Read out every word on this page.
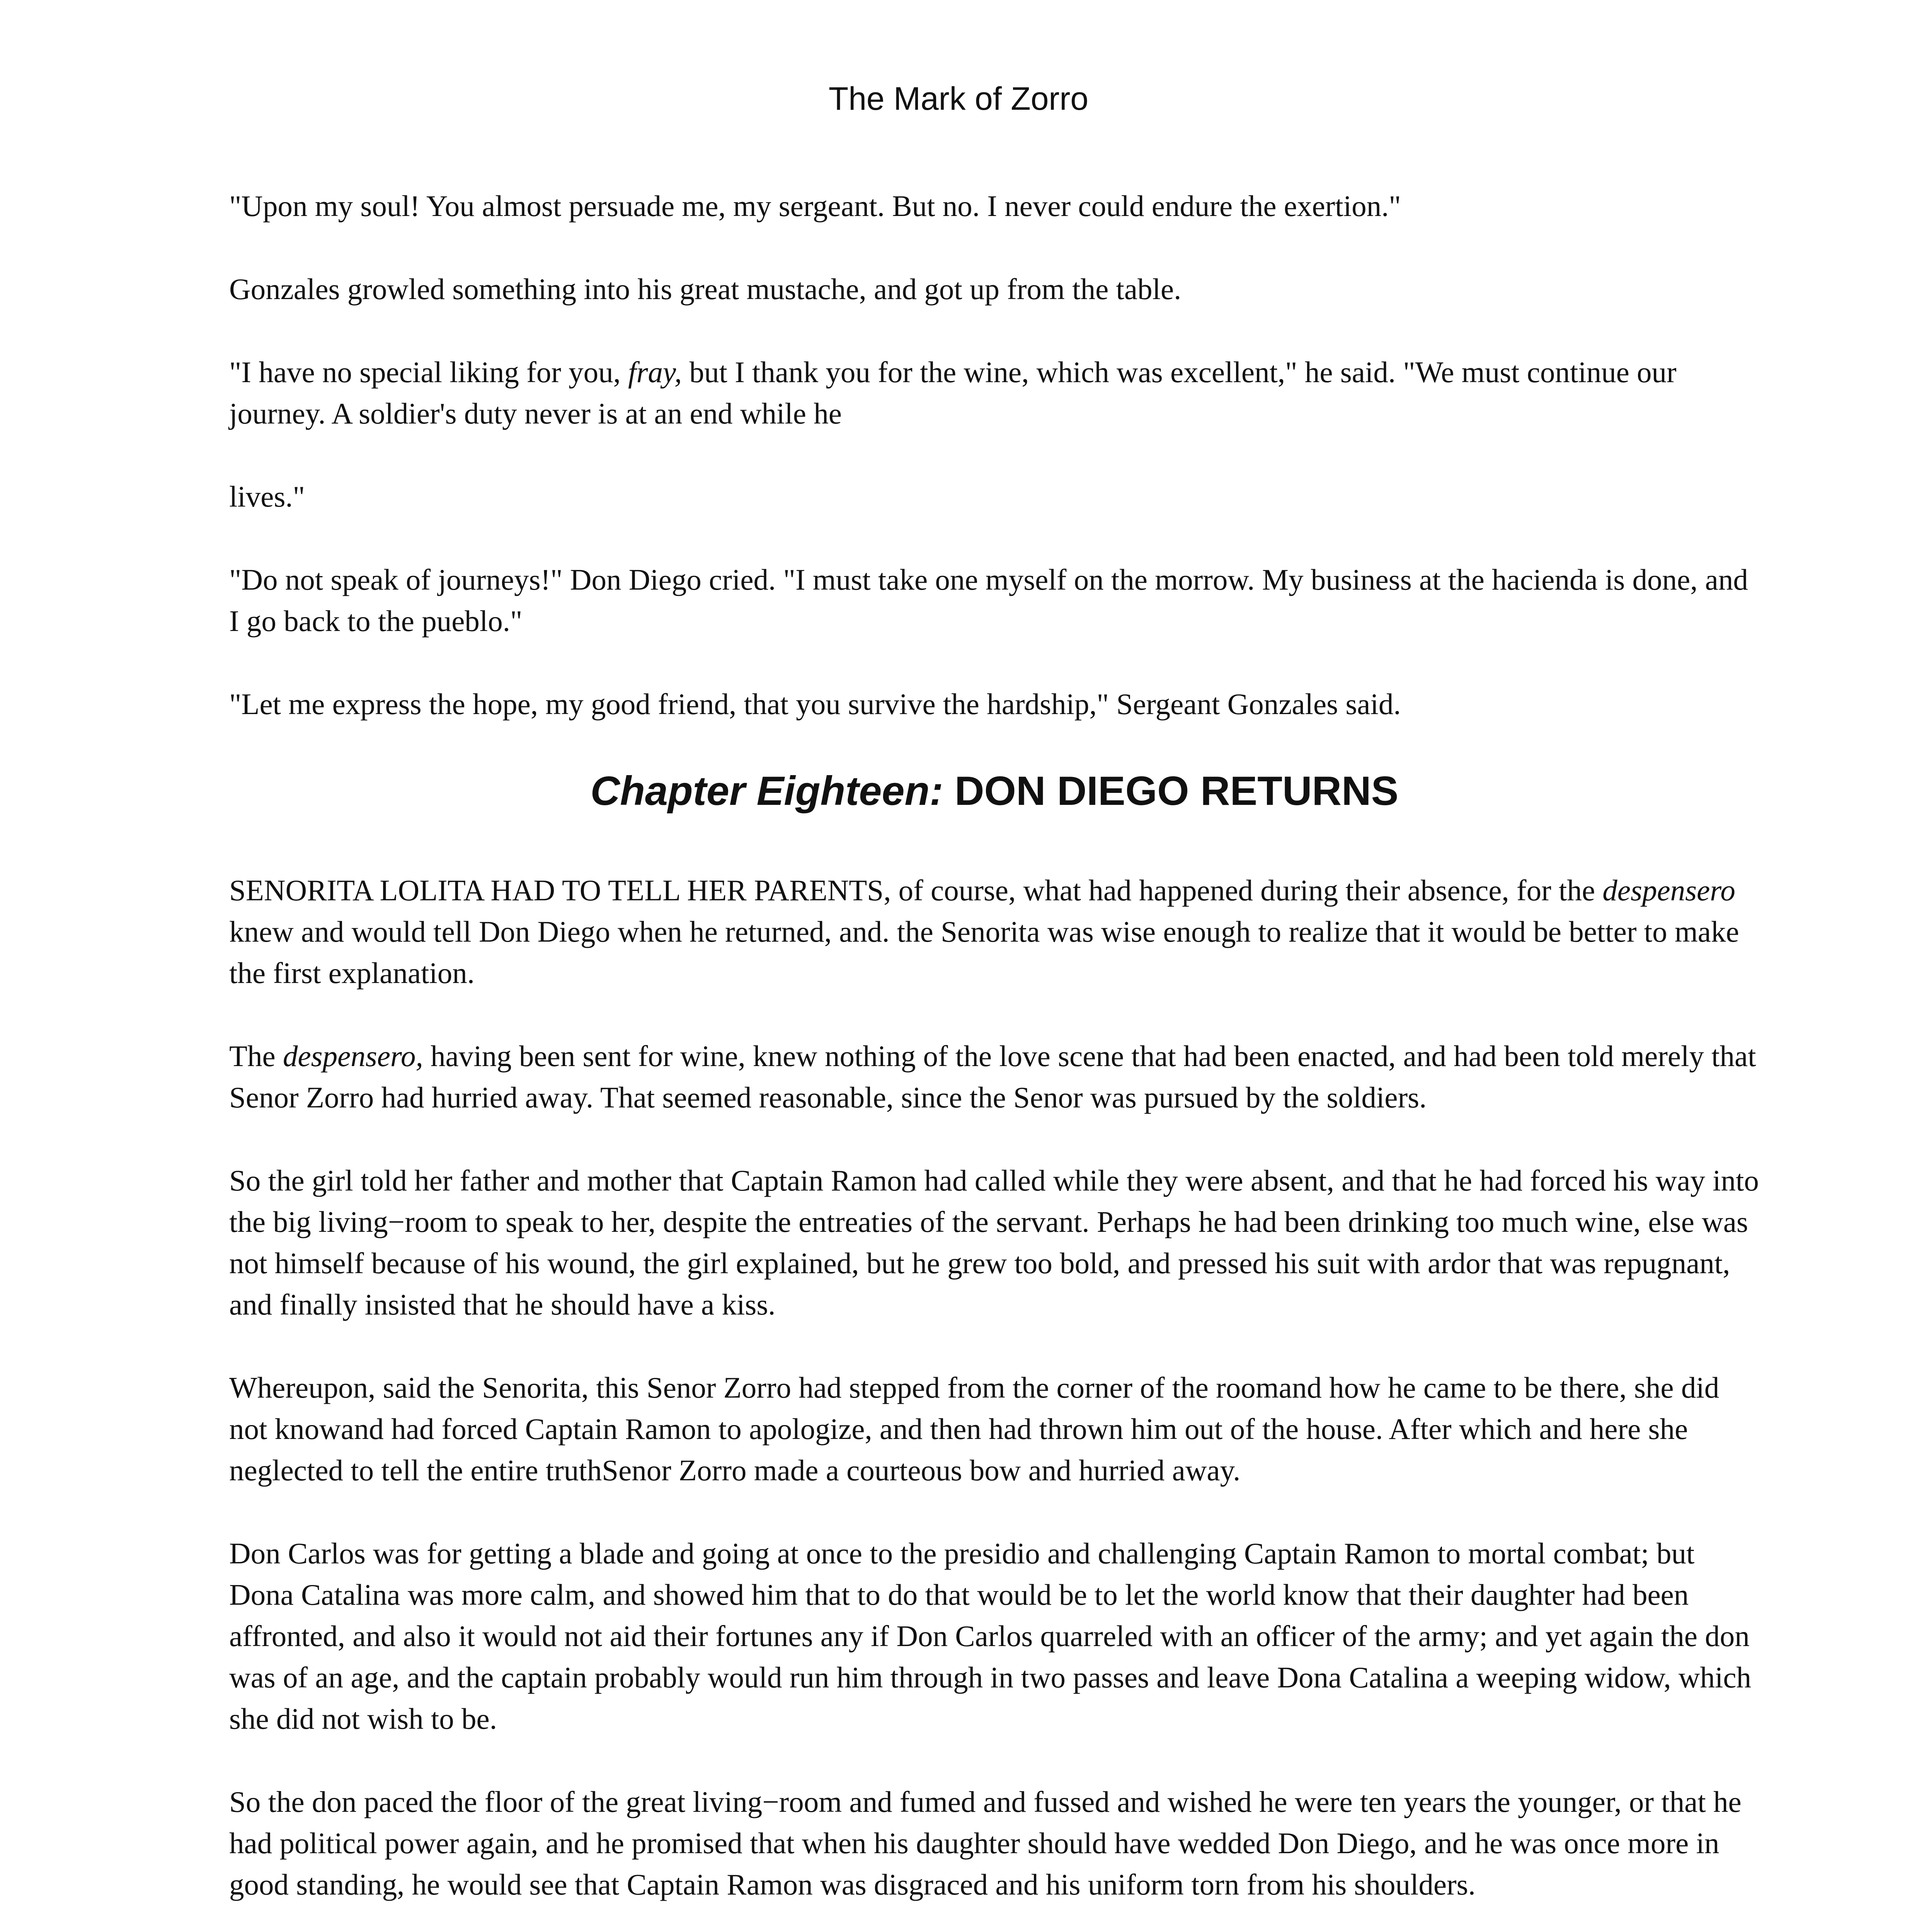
The Mark of Zorro

"Upon my soul! You almost persuade me, my sergeant. But no. I never could endure the exertion."

Gonzales growled something into his great mustache, and got up from the table.

"I have no special liking for you, fray, but I thank you for the wine, which was excellent," he said. "We must continue our journey. A soldier's duty never is at an end while he

lives."

"Do not speak of journeys!" Don Diego cried. "I must take one myself on the morrow. My business at the hacienda is done, and I go back to the pueblo."

"Let me express the hope, my good friend, that you survive the hardship," Sergeant Gonzales said.

Chapter Eighteen: DON DIEGO RETURNS

SENORITA LOLITA HAD TO TELL HER PARENTS, of course, what had happened during their absence, for the despensero knew and would tell Don Diego when he returned, and. the Senorita was wise enough to realize that it would be better to make the first explanation.

The despensero, having been sent for wine, knew nothing of the love scene that had been enacted, and had been told merely that Senor Zorro had hurried away. That seemed reasonable, since the Senor was pursued by the soldiers.

So the girl told her father and mother that Captain Ramon had called while they were absent, and that he had forced his way into the big living−room to speak to her, despite the entreaties of the servant. Perhaps he had been drinking too much wine, else was not himself because of his wound, the girl explained, but he grew too bold, and pressed his suit with ardor that was repugnant, and finally insisted that he should have a kiss.

Whereupon, said the Senorita, this Senor Zorro had stepped from the corner of the roomand how he came to be there, she did not knowand had forced Captain Ramon to apologize, and then had thrown him out of the house. After which and here she neglected to tell the entire truthSenor Zorro made a courteous bow and hurried away.

Don Carlos was for getting a blade and going at once to the presidio and challenging Captain Ramon to mortal combat; but Dona Catalina was more calm, and showed him that to do that would be to let the world know that their daughter had been affronted, and also it would not aid their fortunes any if Don Carlos quarreled with an officer of the army; and yet again the don was of an age, and the captain probably would run him through in two passes and leave Dona Catalina a weeping widow, which she did not wish to be.

So the don paced the floor of the great living−room and fumed and fussed and wished he were ten years the younger, or that he had political power again, and he promised that when his daughter should have wedded Don Diego, and he was once more in good standing, he would see that Captain Ramon was disgraced and his uniform torn from his shoulders.
